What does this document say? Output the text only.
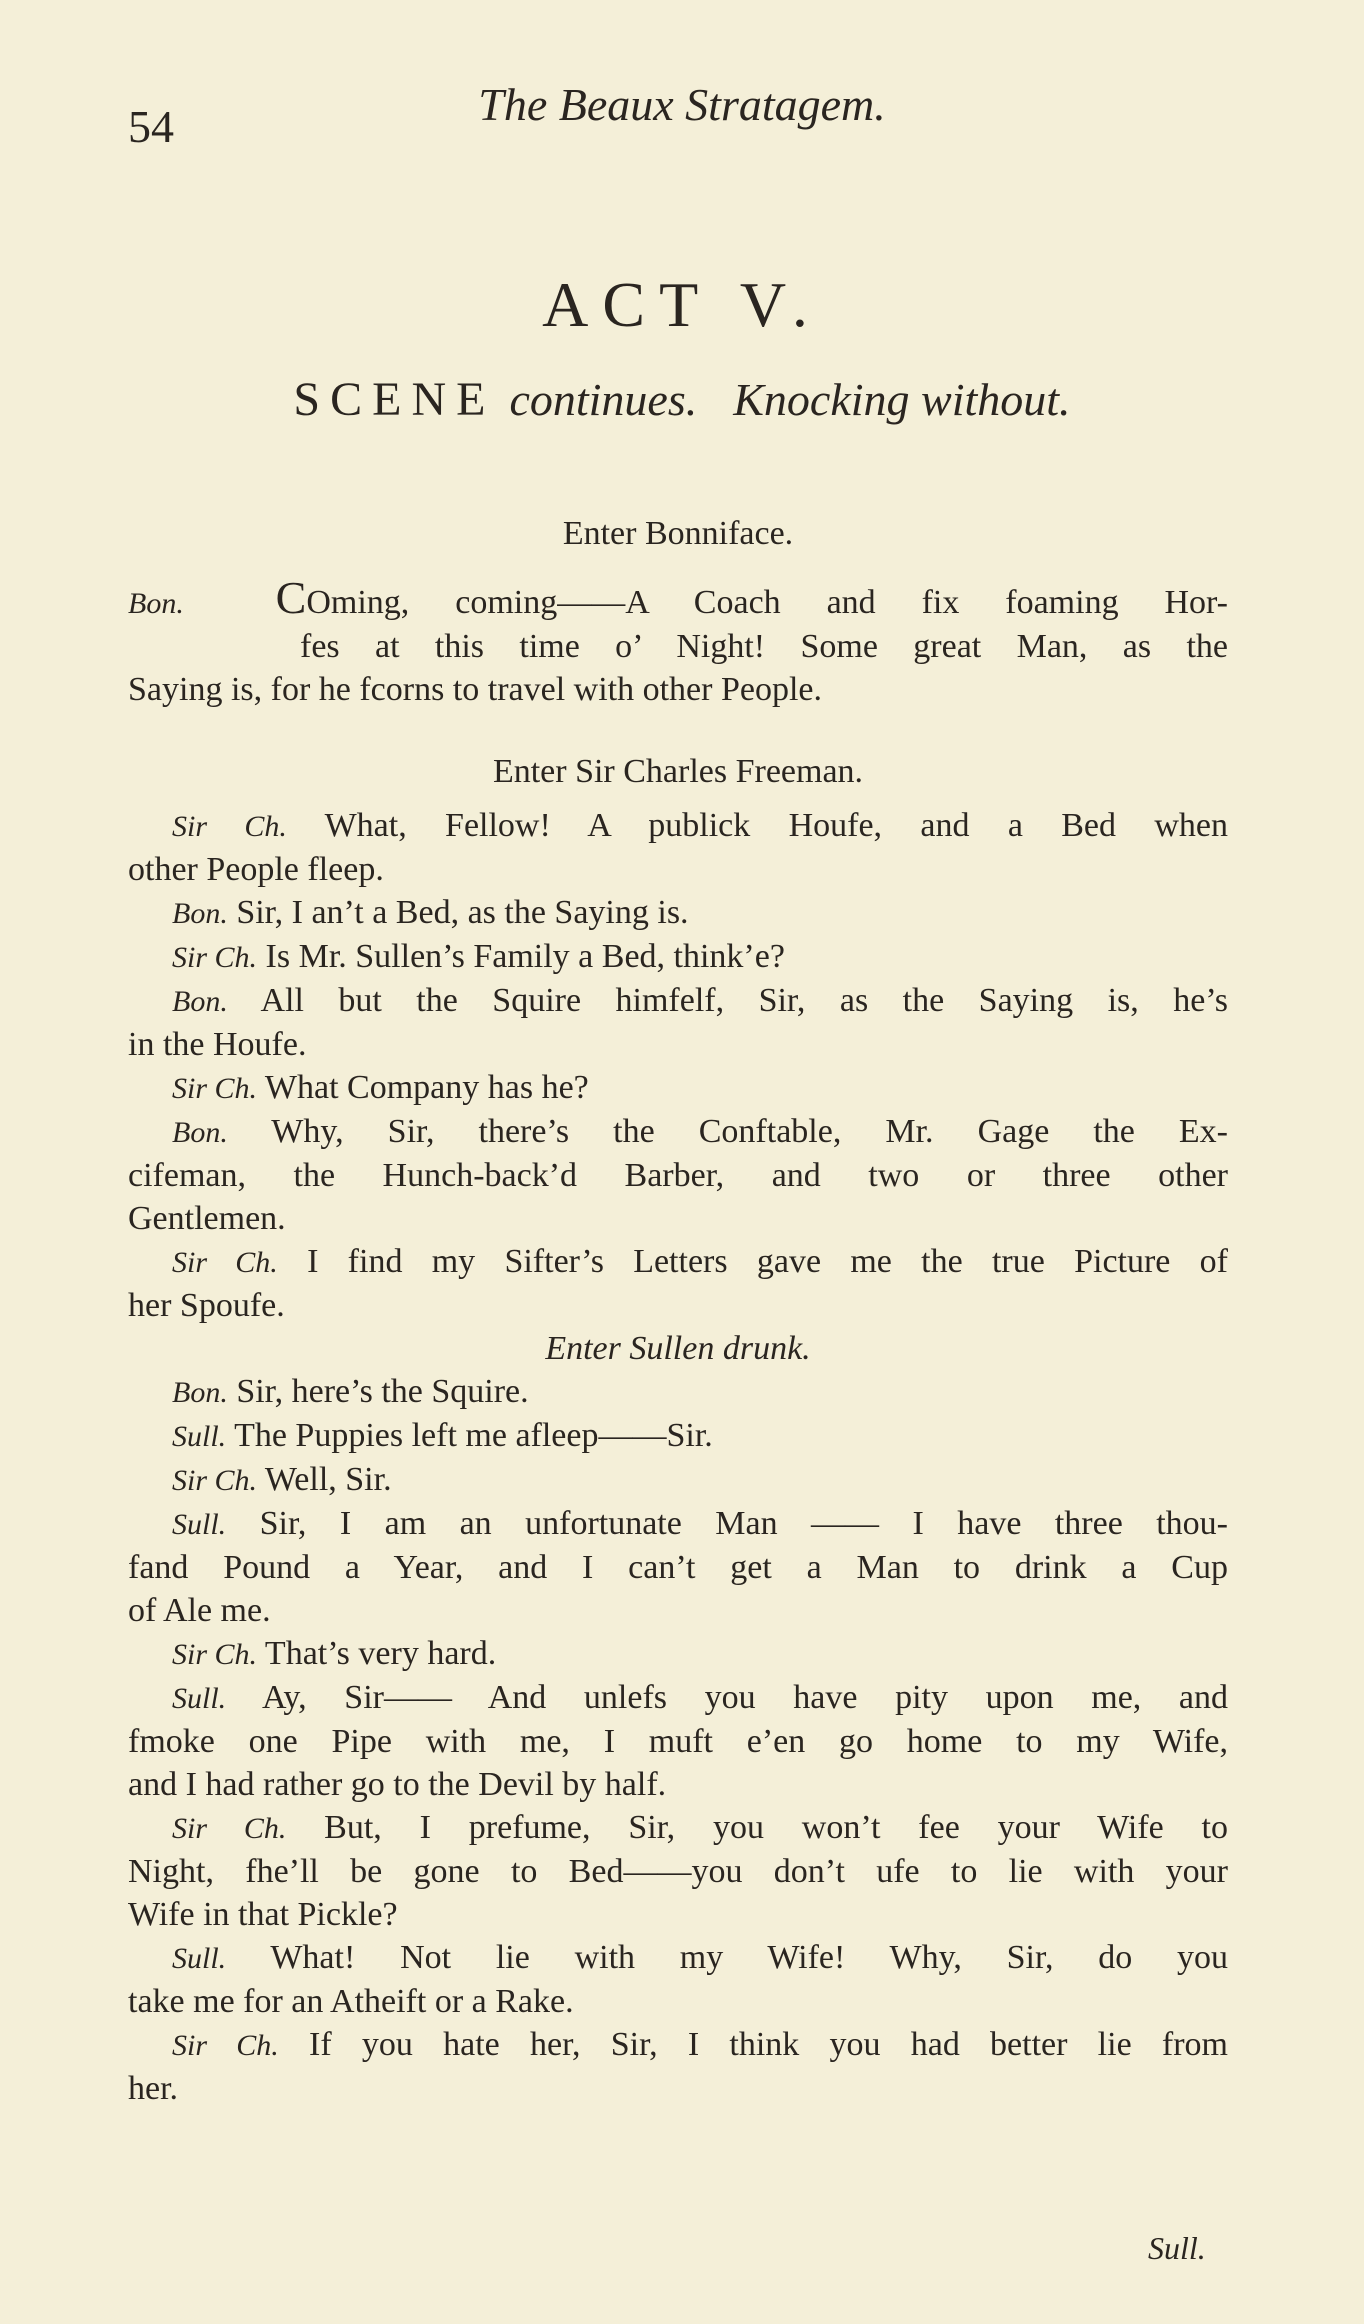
54	The Beaux Stratagem.
ACT V.
SCENE continues. Knocking without.
Enter Bonniface.
Bon. COming, coming——A Coach and fix foaming Hor-
fes at this time o’ Night! Some great Man, as the
Saying is, for he fcorns to travel with other People.
Enter Sir Charles Freeman.
Sir Ch. What, Fellow! A publick Houfe, and a Bed when
other People fleep.
Bon. Sir, I an’t a Bed, as the Saying is.
Sir Ch. Is Mr. Sullen’s Family a Bed, think’e?
Bon. All but the Squire himfelf, Sir, as the Saying is, he’s
in the Houfe.
Sir Ch. What Company has he?
Bon. Why, Sir, there’s the Conftable, Mr. Gage the Ex-
cifeman, the Hunch-back’d Barber, and two or three other
Gentlemen.
Sir Ch. I find my Sifter’s Letters gave me the true Picture of
her Spoufe.
Enter Sullen drunk.
Bon. Sir, here’s the Squire.
Sull. The Puppies left me afleep——Sir.
Sir Ch. Well, Sir.
Sull. Sir, I am an unfortunate Man —— I have three thou-
fand Pound a Year, and I can’t get a Man to drink a Cup
of Ale me.
Sir Ch. That’s very hard.
Sull. Ay, Sir—— And unlefs you have pity upon me, and
fmoke one Pipe with me, I muft e’en go home to my Wife,
and I had rather go to the Devil by half.
Sir Ch. But, I prefume, Sir, you won’t fee your Wife to
Night, fhe’ll be gone to Bed——you don’t ufe to lie with your
Wife in that Pickle?
Sull. What! Not lie with my Wife! Why, Sir, do you
take me for an Atheift or a Rake.
Sir Ch. If you hate her, Sir, I think you had better lie from
her.
Sull.
